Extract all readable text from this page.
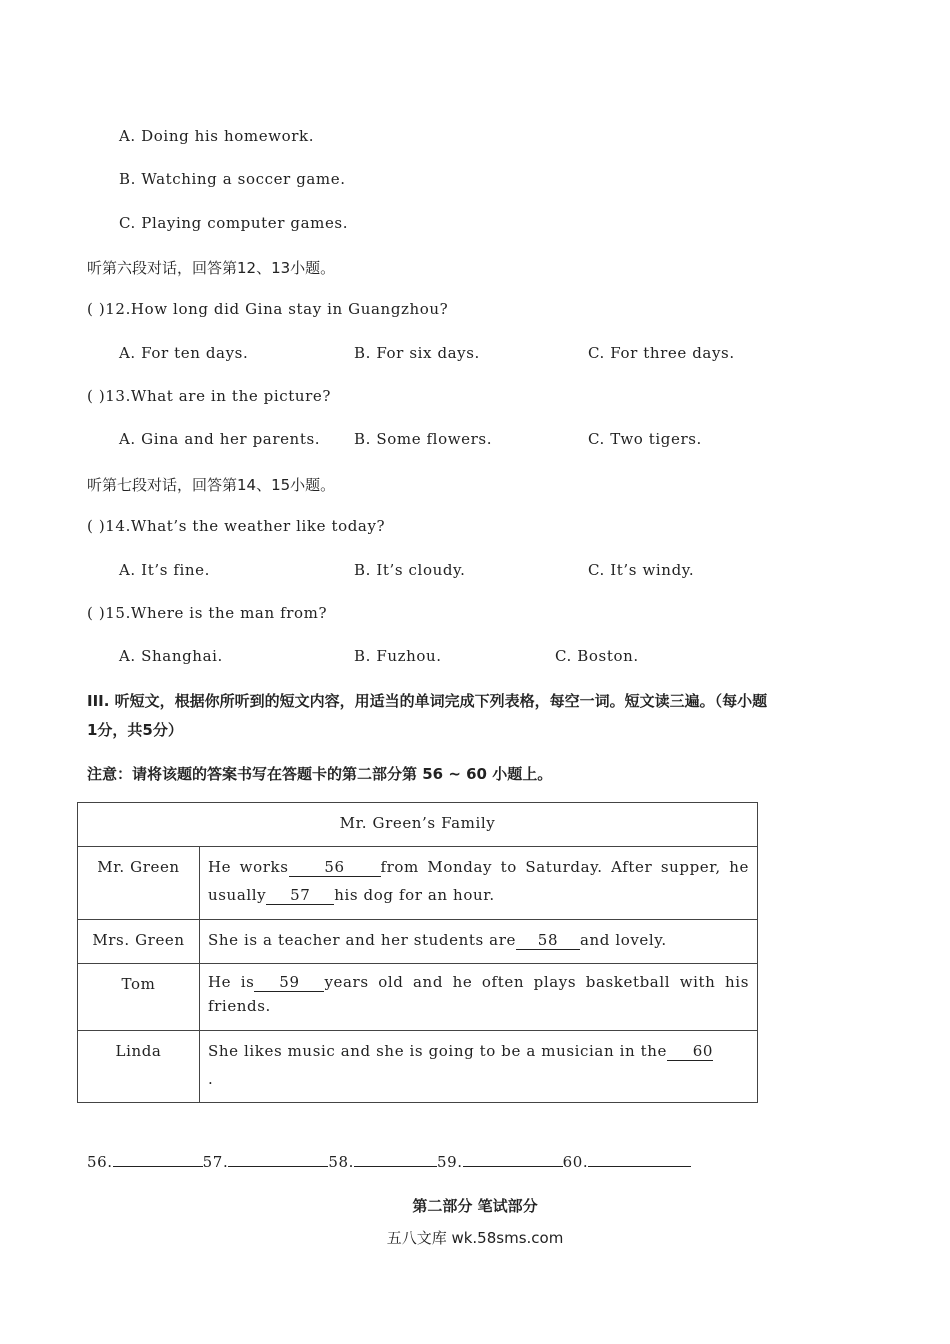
A. Doing his homework.
B. Watching a soccer game.
C. Playing computer games.
听第六段对话，回答第12、13小题。
( )12.How long did Gina stay in Guangzhou?
A. For ten days.	B. For six days.	C. For three days.
( )13.What are in the picture?
A. Gina and her parents. B. Some flowers.	C. Two tigers.
听第七段对话，回答第14、15小题。
( )14.What’s the weather like today?
A. It’s fine.	B. It’s cloudy.	C. It’s windy.
( )15.Where is the man from?
A. Shanghai.	B. Fuzhou.	C. Boston.
III. 听短文，根据你所听到的短文内容，用适当的单词完成下列表格，每空一词。短文读三遍。（每小题
1分，共5分）
注意：请将该题的答案书写在答题卡的第二部分第 56 ~ 60 小题上。
Mr. Green’s Family	
Mr. Green	He works 56 from Monday to Saturday. After supper, he usually 57 his dog for an hour.
Mrs. Green	She is a teacher and her students are 58 and lovely.
Tom	He is 59 years old and he often plays basketball with his friends.
Linda	She likes music and she is going to be a musician in the 60
.
56.	57.	58.	59.	60.
第二部分 笔试部分
五八文库 wk.58sms.com
